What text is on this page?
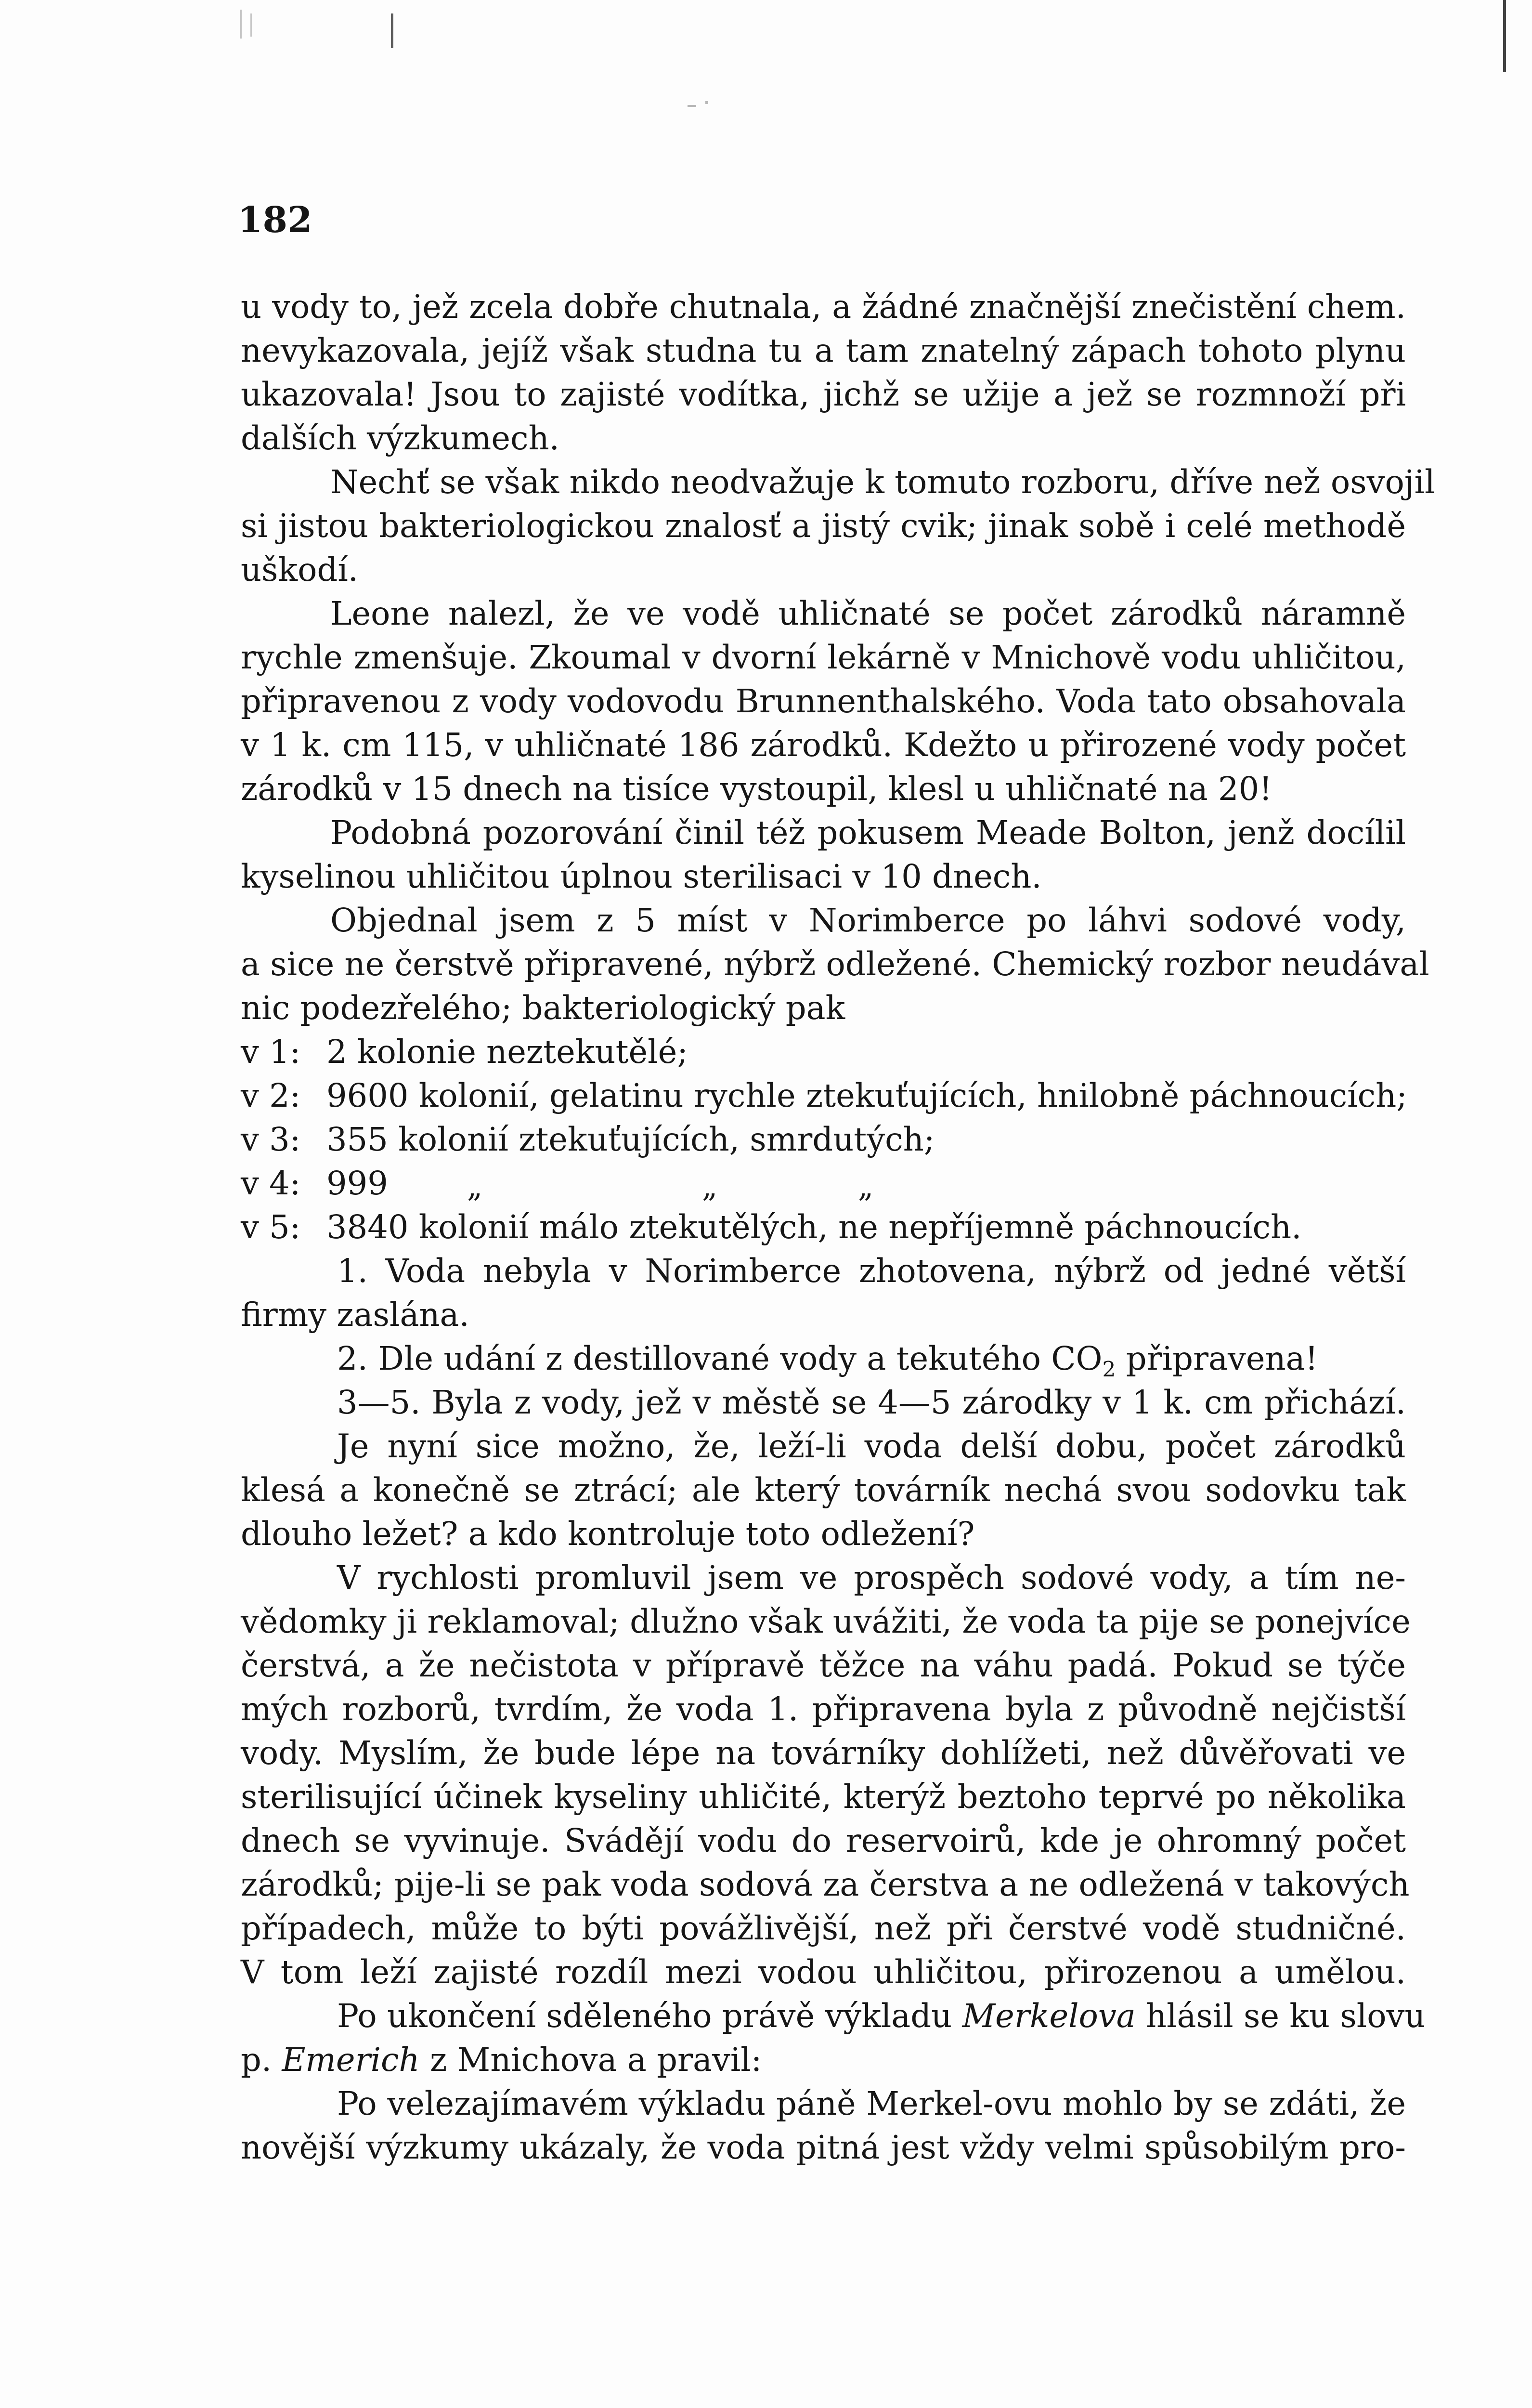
182
u vody to, jež zcela dobře chutnala, a žádné značnější znečistění chem.
nevykazovala, jejíž však studna tu a tam znatelný zápach tohoto plynu
ukazovala! Jsou to zajisté vodítka, jichž se užije a jež se rozmnoží při
dalších výzkumech.
Nechť se však nikdo neodvažuje k tomuto rozboru, dříve než osvojil
si jistou bakteriologickou znalosť a jistý cvik; jinak sobě i celé methodě
uškodí.
Leone nalezl, že ve vodě uhličnaté se počet zárodků náramně
rychle zmenšuje. Zkoumal v dvorní lekárně v Mnichově vodu uhličitou,
připravenou z vody vodovodu Brunnenthalského. Voda tato obsahovala
v 1 k. cm 115, v uhličnaté 186 zárodků. Kdežto u přirozené vody počet
zárodků v 15 dnech na tisíce vystoupil, klesl u uhličnaté na 20!
Podobná pozorování činil též pokusem Meade Bolton, jenž docílil
kyselinou uhličitou úplnou sterilisaci v 10 dnech.
Objednal jsem z 5 míst v Norimberce po láhvi sodové vody,
a sice ne čerstvě připravené, nýbrž odležené. Chemický rozbor neudával
nic podezřelého; bakteriologický pak
v 1: 2 kolonie neztekutělé;
v 2: 9600 kolonií, gelatinu rychle ztekuťujících, hnilobně páchnoucích;
v 3: 355 kolonií ztekuťujících, smrdutých;
v 4: 999	„	„	„
v 5: 3840 kolonií málo ztekutělých, ne nepříjemně páchnoucích.
1. Voda nebyla v Norimberce zhotovena, nýbrž od jedné větší
firmy zaslána.
2. Dle udání z destillované vody a tekutého $CO_2$ připravena!
3—5. Byla z vody, jež v městě se 4—5 zárodky v 1 k. cm přichází.
Je nyní sice možno, že, leží-li voda delší dobu, počet zárodků
klesá a konečně se ztrácí; ale který továrník nechá svou sodovku tak
dlouho ležet? a kdo kontroluje toto odležení?
V rychlosti promluvil jsem ve prospěch sodové vody, a tím ne-
vědomky ji reklamoval; dlužno však uvážiti, že voda ta pije se ponejvíce
čerstvá, a že nečistota v přípravě těžce na váhu padá. Pokud se týče
mých rozborů, tvrdím, že voda 1. připravena byla z původně nejčistší
vody. Myslím, že bude lépe na továrníky dohlížeti, než důvěřovati ve
sterilisující účinek kyseliny uhličité, kterýž beztoho teprvé po několika
dnech se vyvinuje. Svádějí vodu do reservoirů, kde je ohromný počet
zárodků; pije-li se pak voda sodová za čerstva a ne odležená v takových
případech, může to býti povážlivější, než při čerstvé vodě studničné.
V tom leží zajisté rozdíl mezi vodou uhličitou, přirozenou a umělou.
Po ukončení sděleného právě výkladu Merkelova hlásil se ku slovu
p. Emerich z Mnichova a pravil:
Po velezajímavém výkladu páně Merkel-ovu mohlo by se zdáti, že
novější výzkumy ukázaly, že voda pitná jest vždy velmi spůsobilým pro-
